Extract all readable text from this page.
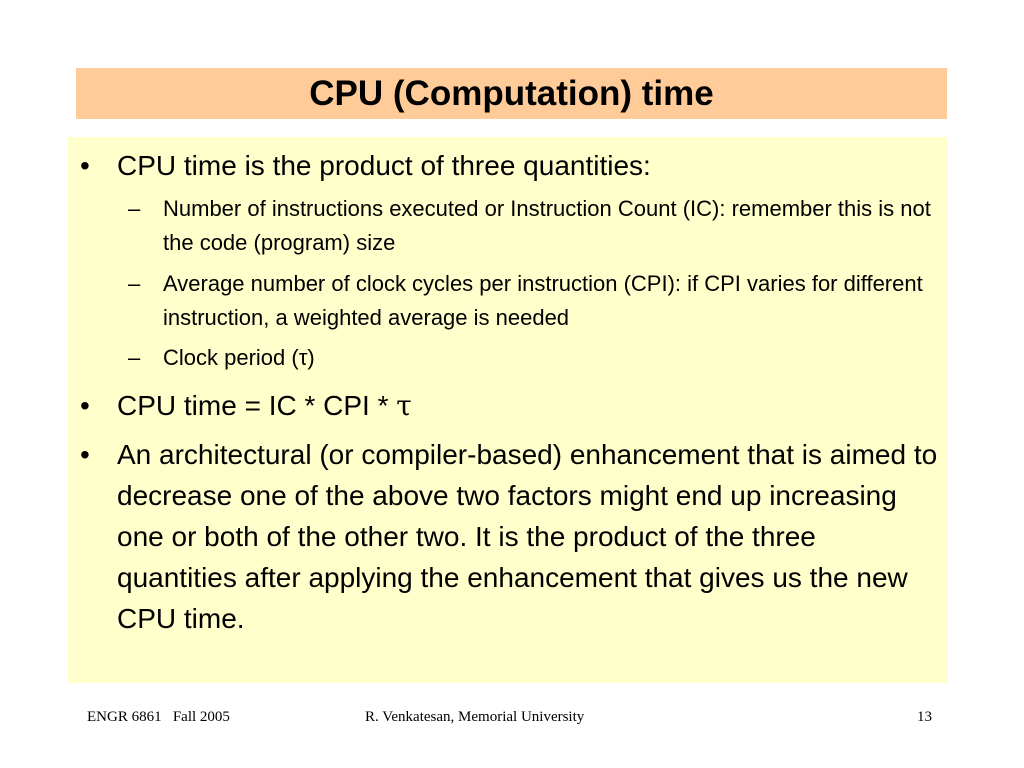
CPU (Computation) time
• CPU time is the product of three quantities:
– Number of instructions executed or Instruction Count (IC): remember this is not the code (program) size
– Average number of clock cycles per instruction (CPI): if CPI varies for different instruction, a weighted average is needed
– Clock period (τ)
• CPU time = IC * CPI * τ
• An architectural (or compiler-based) enhancement that is aimed to decrease one of the above two factors might end up increasing one or both of the other two. It is the product of the three quantities after applying the enhancement that gives us the new CPU time.
ENGR 6861   Fall 2005	R. Venkatesan, Memorial University	13
